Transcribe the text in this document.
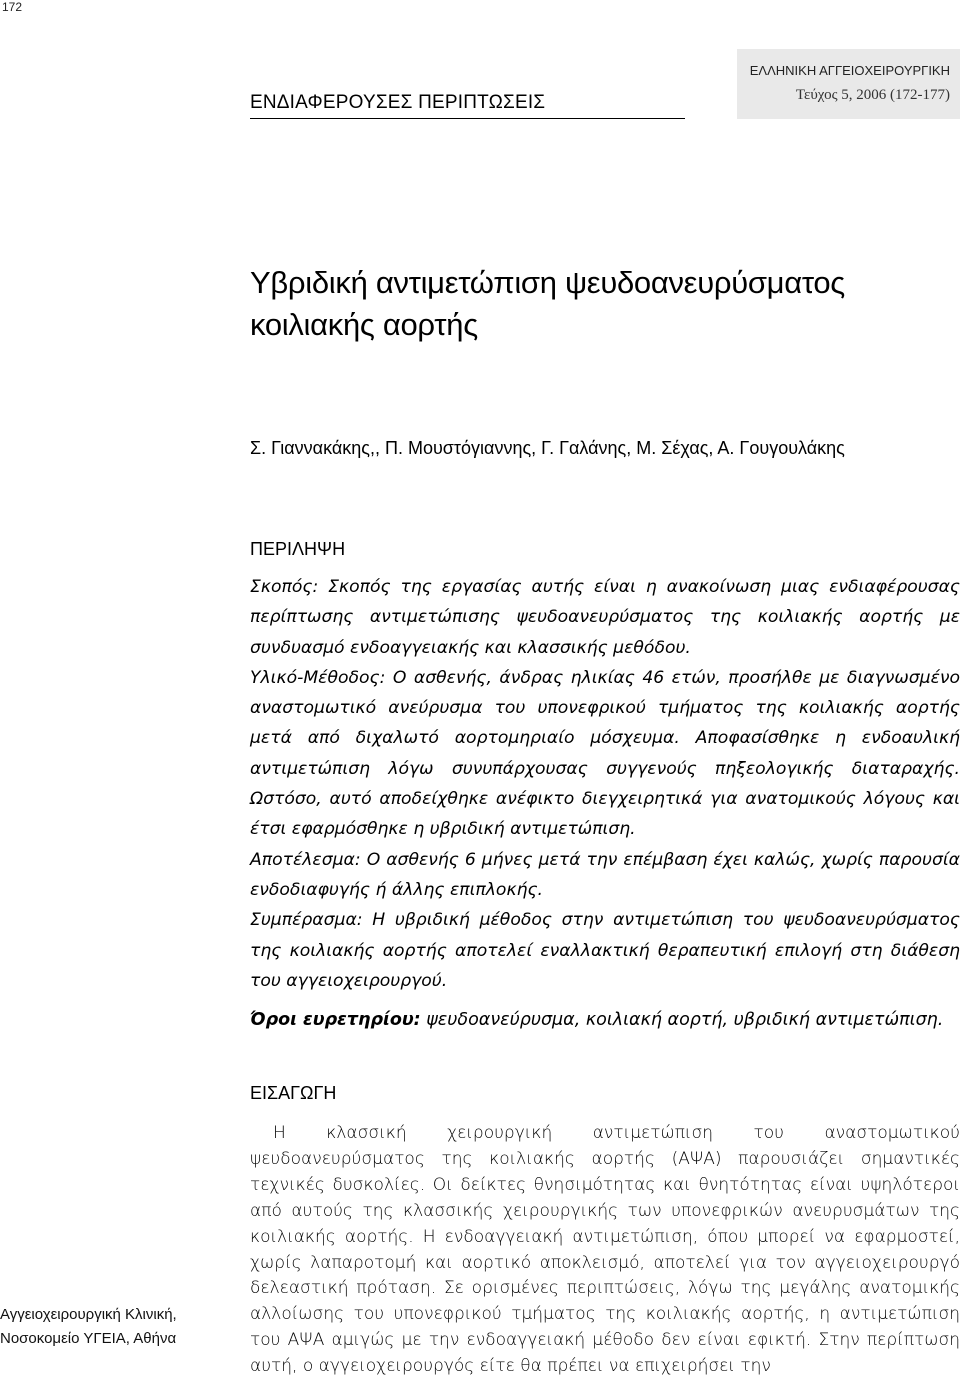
172
ΕΝΔΙΑΦΕΡΟΥΣΕΣ ΠΕΡΙΠΤΩΣΕΙΣ
ΕΛΛΗΝΙΚΗ ΑΓΓΕΙΟΧΕΙΡΟΥΡΓΙΚΗ
Τεύχος 5, 2006 (172-177)
Υβριδική αντιμετώπιση ψευδοανευρύσματος
κοιλιακής αορτής
Σ. Γιαννακάκης,, Π. Μουστόγιαννης, Γ. Γαλάνης, Μ. Σέχας, Α. Γουγουλάκης
ΠΕΡΙΛΗΨΗ

Σκοπός: Σκοπός της εργασίας αυτής είναι η ανακοίνωση μιας ενδιαφέρουσας περίπτωσης αντιμετώπισης ψευδοανευρύσματος της κοιλιακής αορτής με συνδυασμό ενδοαγγειακής και κλασσικής μεθόδου.

Υλικό-Μέθοδος: Ο ασθενής, άνδρας ηλικίας 46 ετών, προσήλθε με διαγνωσμένο αναστομωτικό ανεύρυσμα του υπονεφρικού τμήματος της κοιλιακής αορτής μετά από διχαλωτό αορτομηριαίο μόσχευμα. Αποφασίσθηκε η ενδοαυλική αντιμετώπιση λόγω συνυπάρχουσας συγγενούς πηξεολογικής διαταραχής. Ωστόσο, αυτό αποδείχθηκε ανέφικτο διεγχειρητικά για ανατομικούς λόγους και έτσι εφαρμόσθηκε η υβριδική αντιμετώπιση.

Αποτέλεσμα: Ο ασθενής 6 μήνες μετά την επέμβαση έχει καλώς, χωρίς παρουσία ενδοδιαφυγής ή άλλης επιπλοκής.

Συμπέρασμα: Η υβριδική μέθοδος στην αντιμετώπιση του ψευδοανευρύσματος της κοιλιακής αορτής αποτελεί εναλλακτική θεραπευτική επιλογή στη διάθεση του αγγειοχειρουργού.

Όροι ευρετηρίου: ψευδοανεύρυσμα, κοιλιακή αορτή, υβριδική αντιμετώπιση.
ΕΙΣΑΓΩΓΗ

Η κλασσική χειρουργική αντιμετώπιση του αναστομωτικού ψευδοανευρύσματος της κοιλιακής αορτής (ΑΨΑ) παρουσιάζει σημαντικές τεχνικές δυσκολίες. Οι δείκτες θνησιμότητας και θνητότητας είναι υψηλότεροι από αυτούς της κλασσικής χειρουργικής των υπονεφρικών ανευρυσμάτων της κοιλιακής αορτής. Η ενδοαγγειακή αντιμετώπιση, όπου μπορεί να εφαρμοστεί, χωρίς λαπαροτομή και αορτικό αποκλεισμό, αποτελεί για τον αγγειοχειρουργό δελεαστική πρόταση. Σε ορισμένες περιπτώσεις, λόγω της μεγάλης ανατομικής αλλοίωσης του υπονεφρικού τμήματος της κοιλιακής αορτής, η αντιμετώπιση του ΑΨΑ αμιγώς με την ενδοαγγειακή μέθοδο δεν είναι εφικτή. Στην περίπτωση αυτή, ο αγγειοχειρουργός είτε θα πρέπει να επιχειρήσει την

Αγγειοχειρουργική Κλινική,
Νοσοκομείο ΥΓΕΙΑ, Αθήνα
